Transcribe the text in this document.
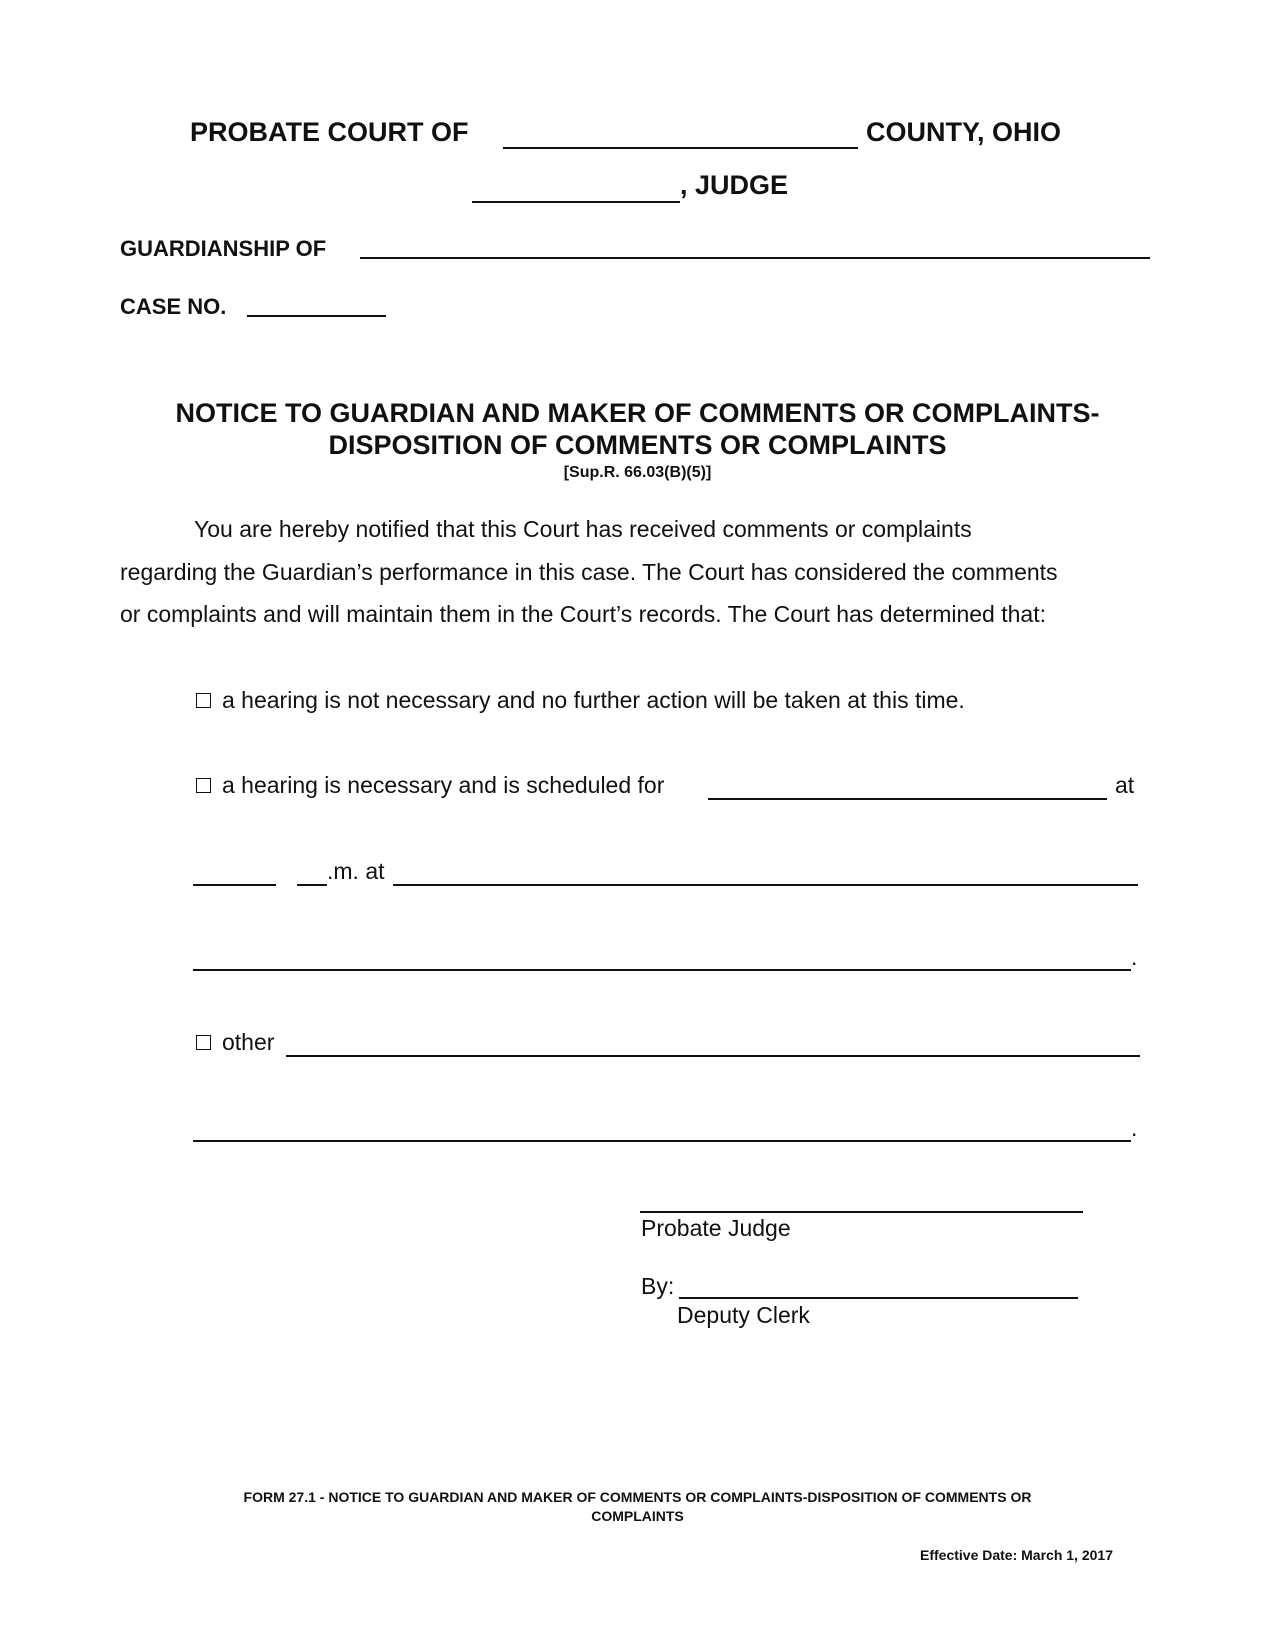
PROBATE COURT OF	COUNTY, OHIO
, JUDGE
GUARDIANSHIP OF
CASE NO.
NOTICE TO GUARDIAN AND MAKER OF COMMENTS OR COMPLAINTS-
DISPOSITION OF COMMENTS OR COMPLAINTS
[Sup.R. 66.03(B)(5)]
You are hereby notified that this Court has received comments or complaints
regarding the Guardian’s performance in this case. The Court has considered the comments
or complaints and will maintain them in the Court’s records. The Court has determined that:
a hearing is not necessary and no further action will be taken at this time.
a hearing is necessary and is scheduled for	at
.m. at
.
other
.
Probate Judge
By:
Deputy Clerk
FORM 27.1 - NOTICE TO GUARDIAN AND MAKER OF COMMENTS OR COMPLAINTS-DISPOSITION OF COMMENTS OR
COMPLAINTS
Effective Date: March 1, 2017
